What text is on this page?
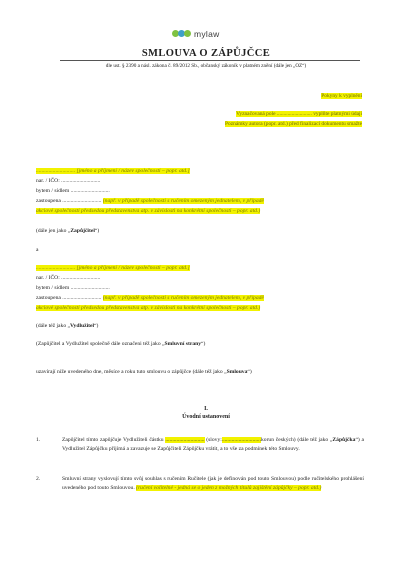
mylaw
SMLOUVA O ZÁPŮJČCE
dle ust. § 2390 a násl. zákona č. 89/2012 Sb., občanský zákoník v platném znění (dále jen „OZ“)
Pokyny k vyplnění
Vyznačovaná pole .......................... vyplňte platnými údaji
Poznámky autora (popr. atd.) před finalizací dokumentu smažte
............................ [jméno a příjmení / název společnosti – popr. atd.]
nar. / IČO: ............................
bytem / sídlem ............................
zastoupena ............................ (např. v případě společnosti s ručením omezeným jednatelem, v případě
akciové společnosti předsedou představenstva atp. v závislosti na konkrétní společnosti – popr. atd.)
(dále jen jako „Zapůjčitel“)
a
............................ [jméno a příjmení / název společnosti – popr. atd.]
nar. / IČO: ............................
bytem / sídlem ............................
zastoupena ............................ (např. v případě společnosti s ručením omezeným jednatelem, v případě
akciové společnosti předsedou představenstva atp. v závislosti na konkrétní společnosti – popr. atd.)
(dále též jako „Vydlužitel“)
(Zapůjčitel a Vydlužitel společně dále označeni též jako „Smluvní strany“)
uzavírají níže uvedeného dne, měsíce a roku tuto smlouvu o zápůjčce (dále též jako „Smlouva“)
I.
Úvodní ustanovení
1.	Zapůjčitel tímto zapůjčuje Vydlužiteli částku ............................ (slovy:............................korun českých) (dále též jako „Zápůjčka“) a Vydlužitel Zápůjčku přijímá a zavazuje se Zapůjčiteli Zápůjčku vrátit, a to vše za podmínek této Smlouvy.
2.	Smluvní strany vyslovují tímto svůj souhlas s ručením Ručitele (jak je definován pod touto Smlouvou) podle ručitelského prohlášení uvedeného pod touto Smlouvou. (ručení volitelné - jedná se o jeden z možných titulů zajištění zápůjčky – popr. atd.)
